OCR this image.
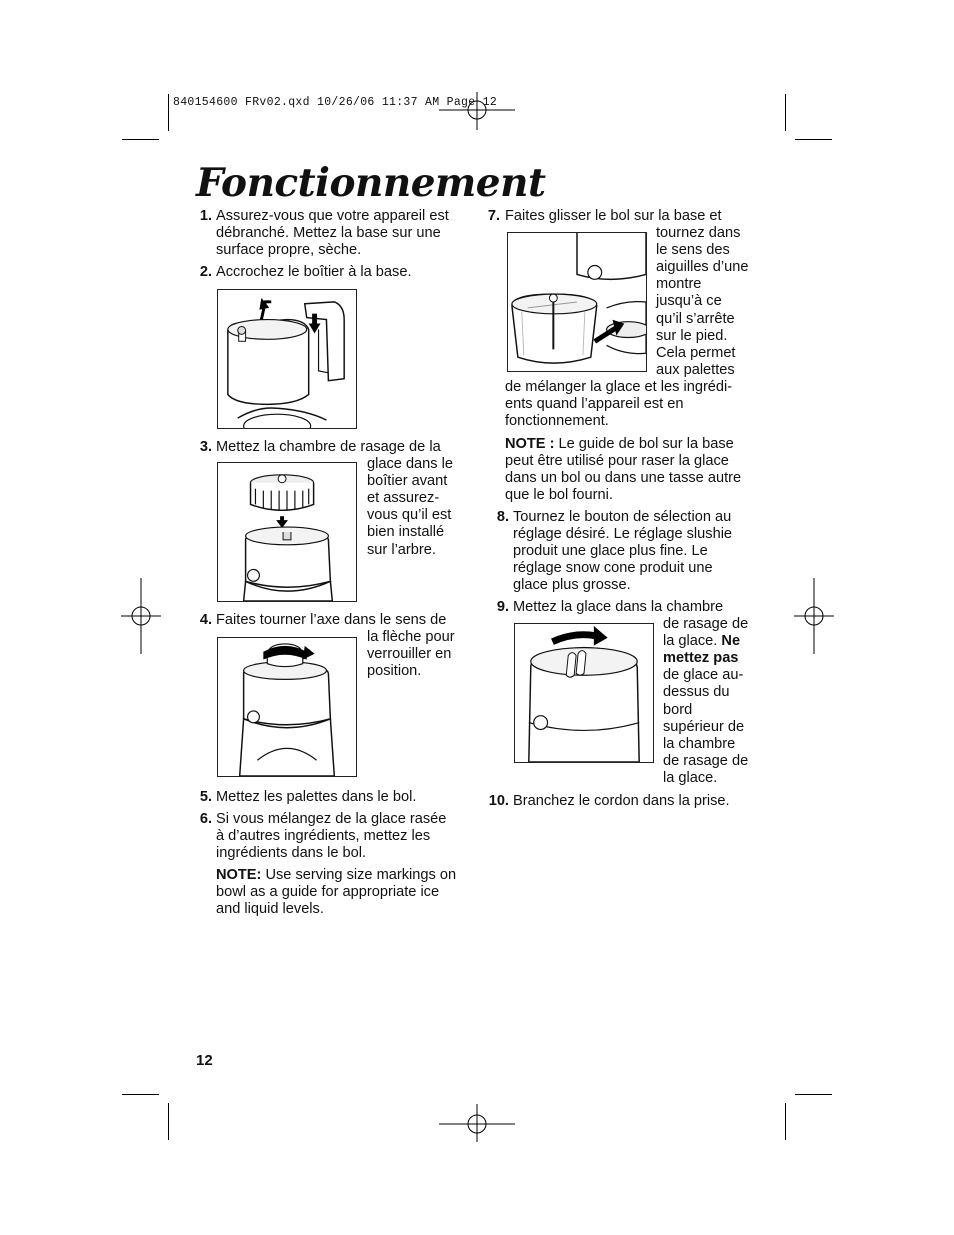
840154600 FRv02.qxd 10/26/06 11:37 AM Page 12
Fonctionnement
1. Assurez-vous que votre appareil est
débranché. Mettez la base sur une
surface propre, sèche.
2. Accrochez le boîtier à la base.
3. Mettez la chambre de rasage de la
glace dans le
boîtier avant
et assurez-
vous qu’il est
bien installé
sur l’arbre.
4. Faites tourner l’axe dans le sens de
la flèche pour
verrouiller en
position.
5. Mettez les palettes dans le bol.
6. Si vous mélangez de la glace rasée
à d’autres ingrédients, mettez les
ingrédients dans le bol.
NOTE: Use serving size markings on
bowl as a guide for appropriate ice
and liquid levels.
7. Faites glisser le bol sur la base et
tournez dans
le sens des
aiguilles d’une
montre
jusqu’à ce
qu’il s’arrête
sur le pied.
Cela permet
aux palettes
de mélanger la glace et les ingrédi-
ents quand l’appareil est en
fonctionnement.
NOTE : Le guide de bol sur la base
peut être utilisé pour raser la glace
dans un bol ou dans une tasse autre
que le bol fourni.
8. Tournez le bouton de sélection au
réglage désiré. Le réglage slushie
produit une glace plus fine. Le
réglage snow cone produit une
glace plus grosse.
9. Mettez la glace dans la chambre
de rasage de
la glace. Ne
mettez pas
de glace au-
dessus du
bord
supérieur de
la chambre
de rasage de
la glace.
10. Branchez le cordon dans la prise.
12
